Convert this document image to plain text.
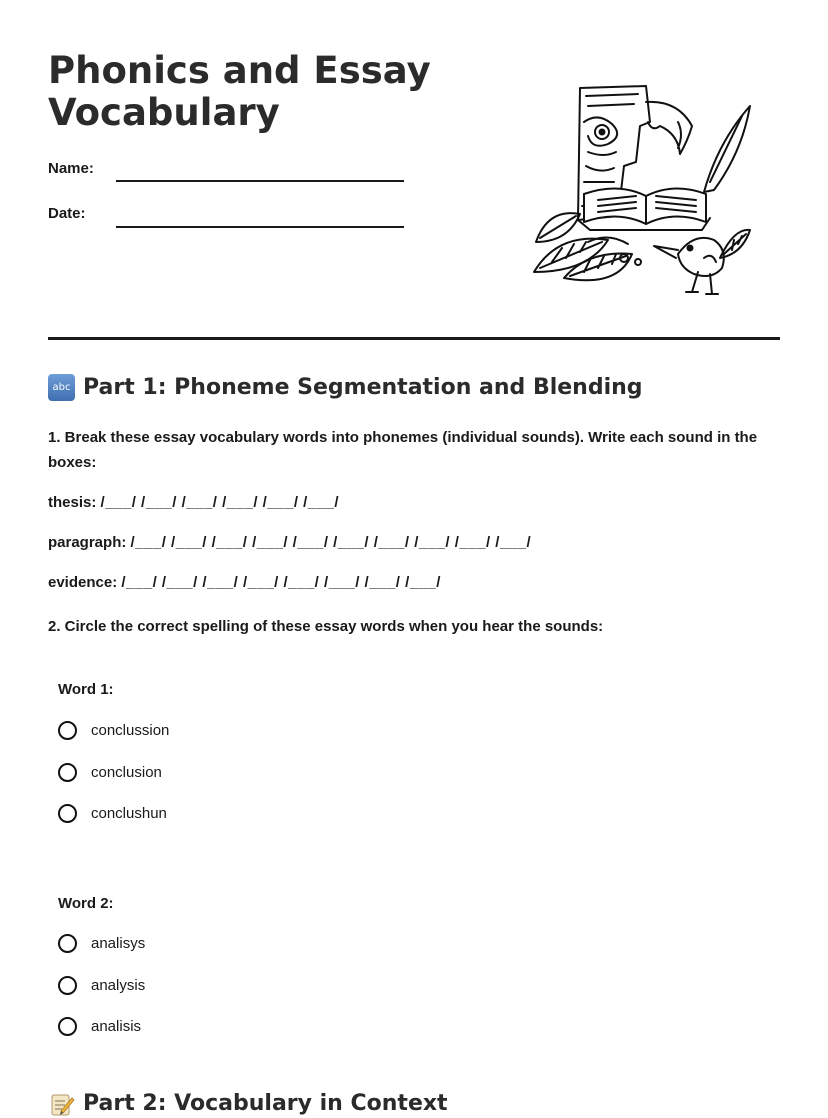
Phonics and Essay Vocabulary
Name:
Date:
abc Part 1: Phoneme Segmentation and Blending
1. Break these essay vocabulary words into phonemes (individual sounds). Write each sound in the boxes:
thesis: /___/ /___/ /___/ /___/ /___/ /___/
paragraph: /___/ /___/ /___/ /___/ /___/ /___/ /___/ /___/ /___/ /___/
evidence: /___/ /___/ /___/ /___/ /___/ /___/ /___/ /___/
2. Circle the correct spelling of these essay words when you hear the sounds:
Word 1:
conclussion
conclusion
conclushun
Word 2:
analisys
analysis
analisis
Part 2: Vocabulary in Context
